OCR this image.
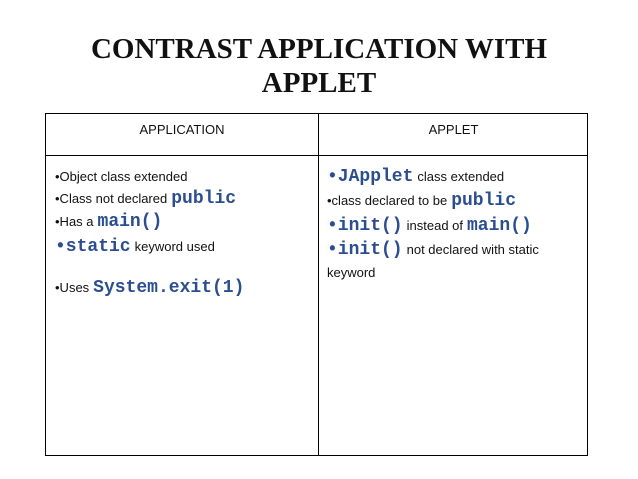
CONTRAST APPLICATION WITH
APPLET
APPLICATION	APPLET
•Object class extended
•Class not declared public
•Has a main()
•static keyword used
•Uses System.exit(1)
•JApplet class extended
•class declared to be public
•init() instead of main()
•init() not declared with static
keyword
